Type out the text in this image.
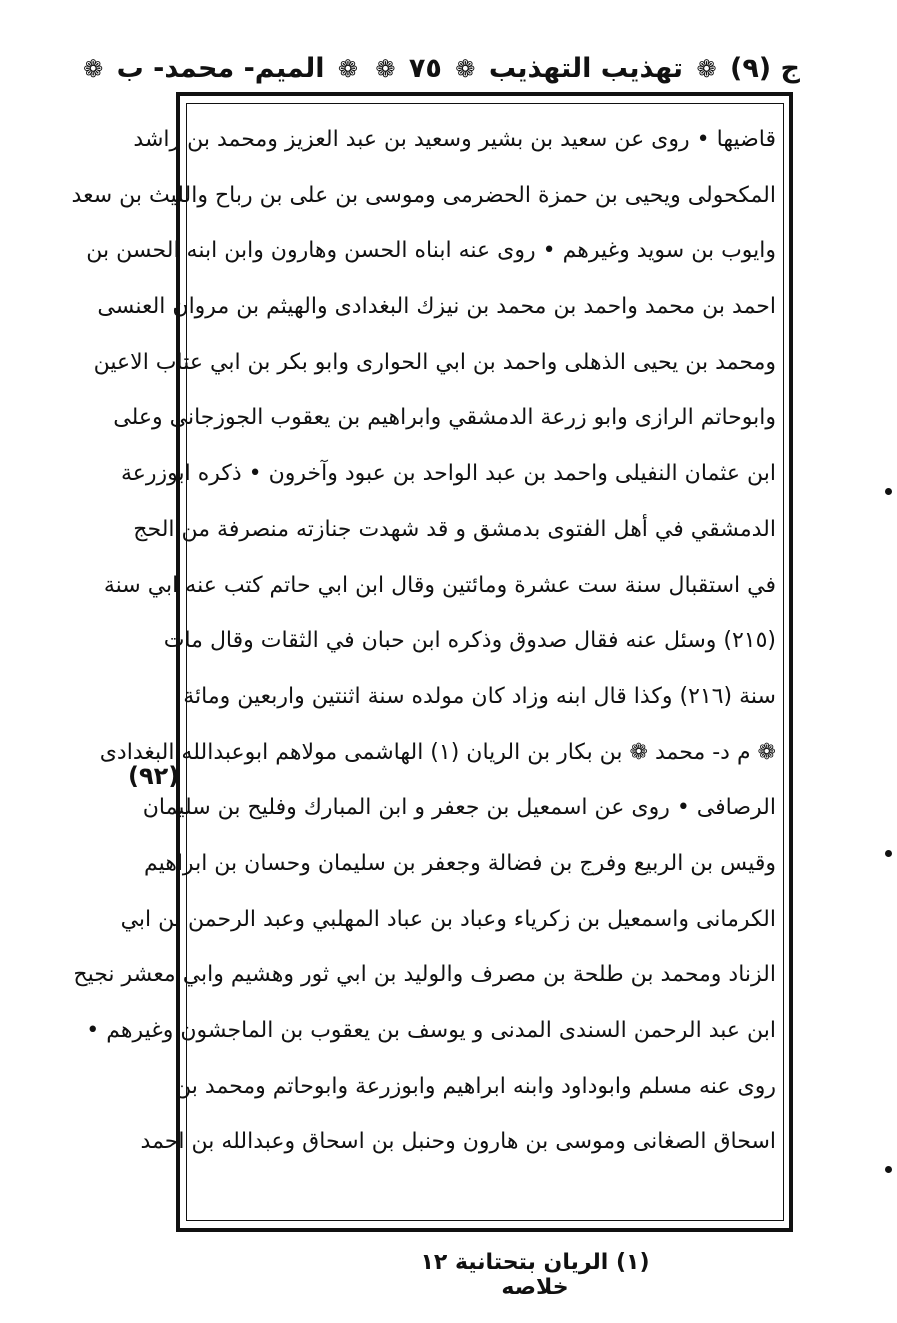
ج (٩) ❁ تهذيب التهذيب ❁ ٧٥ ❁ ❁ الميم- محمد- ب ❁
قاضيها • روى عن سعيد بن بشير وسعيد بن عبد العزيز ومحمد بن راشد
المكحولى ويحيى بن حمزة الحضرمى وموسى بن على بن رباح والليث بن سعد
وايوب بن سويد وغيرهم • روى عنه ابناه الحسن وهارون وابن ابنه الحسن بن
احمد بن محمد واحمد بن محمد بن نيزك البغدادى والهيثم بن مروان العنسى
ومحمد بن يحيى الذهلى واحمد بن ابي الحوارى وابو بكر بن ابي عتاب الاعين
وابوحاتم الرازى وابو زرعة الدمشقي وابراهيم بن يعقوب الجوزجانى وعلى
ابن عثمان النفيلى واحمد بن عبد الواحد بن عبود وآخرون • ذكره ابوزرعة
الدمشقي في أهل الفتوى بدمشق و قد شهدت جنازته منصرفة من الحج
في استقبال سنة ست عشرة ومائتين وقال ابن ابي حاتم كتب عنه ابي سنة
(٢١٥) وسئل عنه فقال صدوق وذكره ابن حبان في الثقات وقال مات
سنة (٢١٦) وكذا قال ابنه وزاد كان مولده سنة اثنتين واربعين ومائة
❁ م د- محمد ❁ بن بكار بن الريان (١) الهاشمى مولاهم ابوعبدالله البغدادى
الرصافى • روى عن اسمعيل بن جعفر و ابن المبارك وفليح بن سليمان
وقيس بن الربيع وفرج بن فضالة وجعفر بن سليمان وحسان بن ابراهيم
الكرمانى واسمعيل بن زكرياء وعباد بن عباد المهلبي وعبد الرحمن بن ابي
الزناد ومحمد بن طلحة بن مصرف والوليد بن ابي ثور وهشيم وابي معشر نجيح
ابن عبد الرحمن السندى المدنى و يوسف بن يعقوب بن الماجشون وغيرهم •
روى عنه مسلم وابوداود وابنه ابراهيم وابوزرعة وابوحاتم ومحمد بن
اسحاق الصغانى وموسى بن هارون وحنبل بن اسحاق وعبدالله بن احمد
(٩٢)
(١) الريان بتحتانية ١٢ خلاصه
